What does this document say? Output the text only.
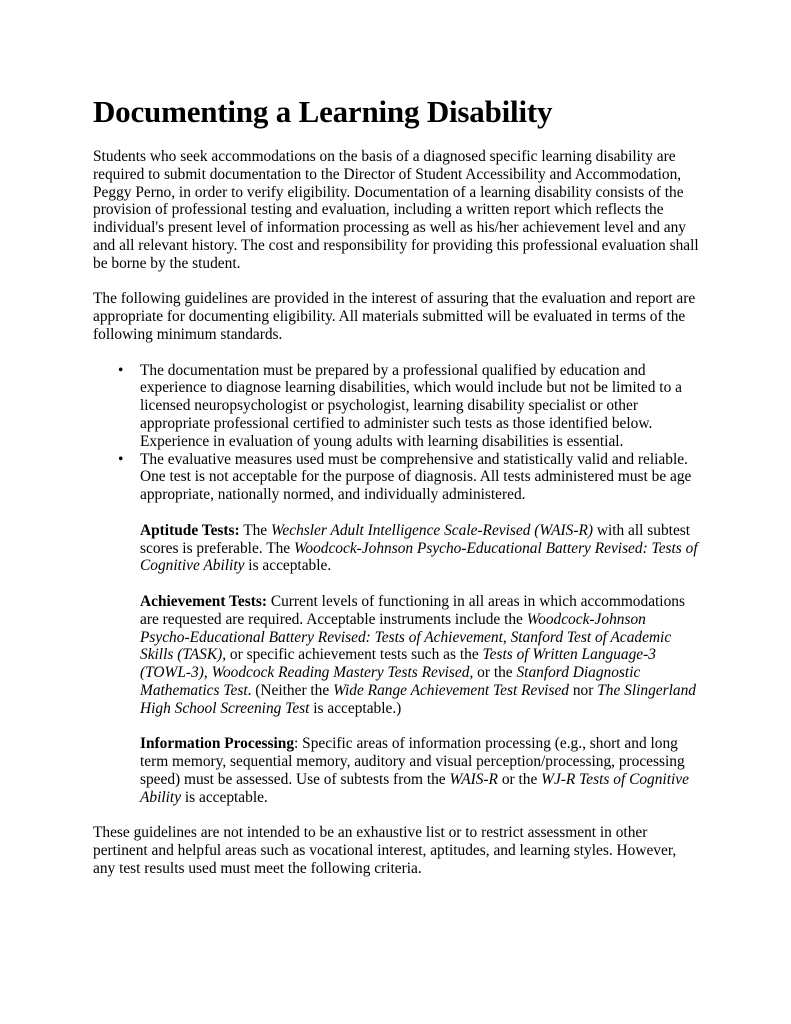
Documenting a Learning Disability

Students who seek accommodations on the basis of a diagnosed specific learning disability are required to submit documentation to the Director of Student Accessibility and Accommodation, Peggy Perno, in order to verify eligibility. Documentation of a learning disability consists of the provision of professional testing and evaluation, including a written report which reflects the individual's present level of information processing as well as his/her achievement level and any and all relevant history. The cost and responsibility for providing this professional evaluation shall be borne by the student.

The following guidelines are provided in the interest of assuring that the evaluation and report are appropriate for documenting eligibility. All materials submitted will be evaluated in terms of the following minimum standards.

• The documentation must be prepared by a professional qualified by education and experience to diagnose learning disabilities, which would include but not be limited to a licensed neuropsychologist or psychologist, learning disability specialist or other appropriate professional certified to administer such tests as those identified below. Experience in evaluation of young adults with learning disabilities is essential.
• The evaluative measures used must be comprehensive and statistically valid and reliable. One test is not acceptable for the purpose of diagnosis. All tests administered must be age appropriate, nationally normed, and individually administered.
Aptitude Tests: The Wechsler Adult Intelligence Scale-Revised (WAIS-R) with all subtest scores is preferable. The Woodcock-Johnson Psycho-Educational Battery Revised: Tests of Cognitive Ability is acceptable.
Achievement Tests: Current levels of functioning in all areas in which accommodations are requested are required. Acceptable instruments include the Woodcock-Johnson Psycho-Educational Battery Revised: Tests of Achievement, Stanford Test of Academic Skills (TASK), or specific achievement tests such as the Tests of Written Language-3 (TOWL-3), Woodcock Reading Mastery Tests Revised, or the Stanford Diagnostic Mathematics Test. (Neither the Wide Range Achievement Test Revised nor The Slingerland High School Screening Test is acceptable.)
Information Processing: Specific areas of information processing (e.g., short and long term memory, sequential memory, auditory and visual perception/processing, processing speed) must be assessed. Use of subtests from the WAIS-R or the WJ-R Tests of Cognitive Ability is acceptable.

These guidelines are not intended to be an exhaustive list or to restrict assessment in other pertinent and helpful areas such as vocational interest, aptitudes, and learning styles. However, any test results used must meet the following criteria.
